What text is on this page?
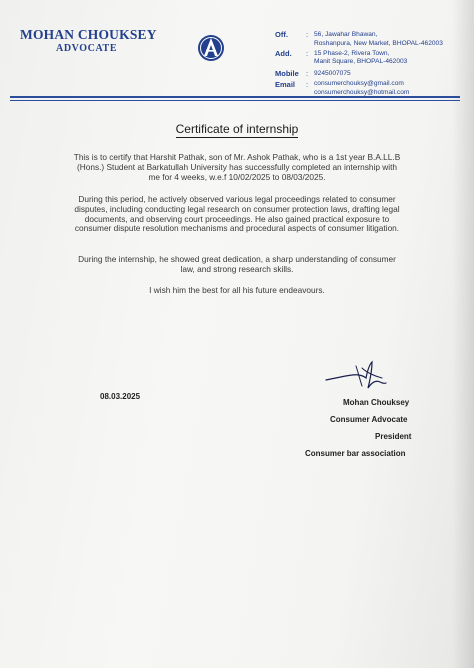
MOHAN CHOUKSEY
ADVOCATE
Off. : 56, Jawahar Bhawan,
Roshanpura, New Market, BHOPAL-462003
Add. : 15 Phase-2, Rivera Town,
Manit Square, BHOPAL-462003
Mobile : 9245007075
Email : consumerchouksy@gmail.com
consumerchouksy@hotmail.com
Certificate of internship
This is to certify that Harshit Pathak, son of Mr. Ashok Pathak, who is a 1st year B.A.LL.B (Hons.) Student at Barkatullah University has successfully completed an internship with me for 4 weeks, w.e.f 10/02/2025 to 08/03/2025.
During this period, he actively observed various legal proceedings related to consumer disputes, including conducting legal research on consumer protection laws, drafting legal documents, and observing court proceedings. He also gained practical exposure to consumer dispute resolution mechanisms and procedural aspects of consumer litigation.
During the internship, he showed great dedication, a sharp understanding of consumer law, and strong research skills.
I wish him the best for all his future endeavours.
08.03.2025
Mohan Chouksey
Consumer Advocate
President
Consumer bar association
